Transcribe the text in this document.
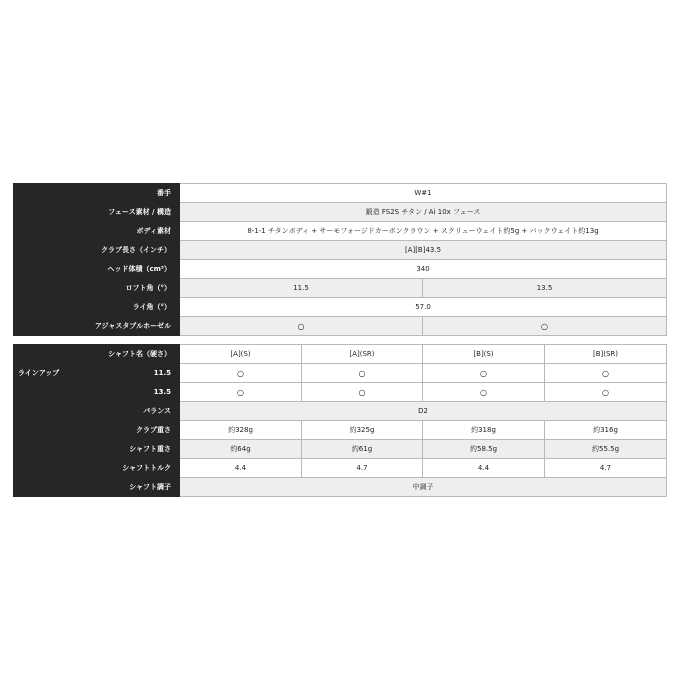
番手	W#1	
フェース素材 / 構造	鍛造 FS2S チタン / Ai 10x フェース	
ボディ素材	8-1-1 チタンボディ + サーモフォージドカーボンクラウン + スクリューウェイト約5g + バックウェイト約13g	
クラブ長さ（インチ）	[A][B]43.5	
ヘッド体積（cm³）	340	
ロフト角（°）	11.5	13.5
ライ角（°）	57.0	
アジャスタブルホーゼル	○	○
ラインアップ	シャフト名（硬さ）	[A](S)	[A](SR)	[B](S)	[B](SR)
	11.5	○	○	○	○
	13.5	○	○	○	○
バランス		D2			
クラブ重さ		約328g	約325g	約318g	約316g
シャフト重さ		約64g	約61g	約58.5g	約55.5g
シャフトトルク		4.4	4.7	4.4	4.7
シャフト調子		中調子			
